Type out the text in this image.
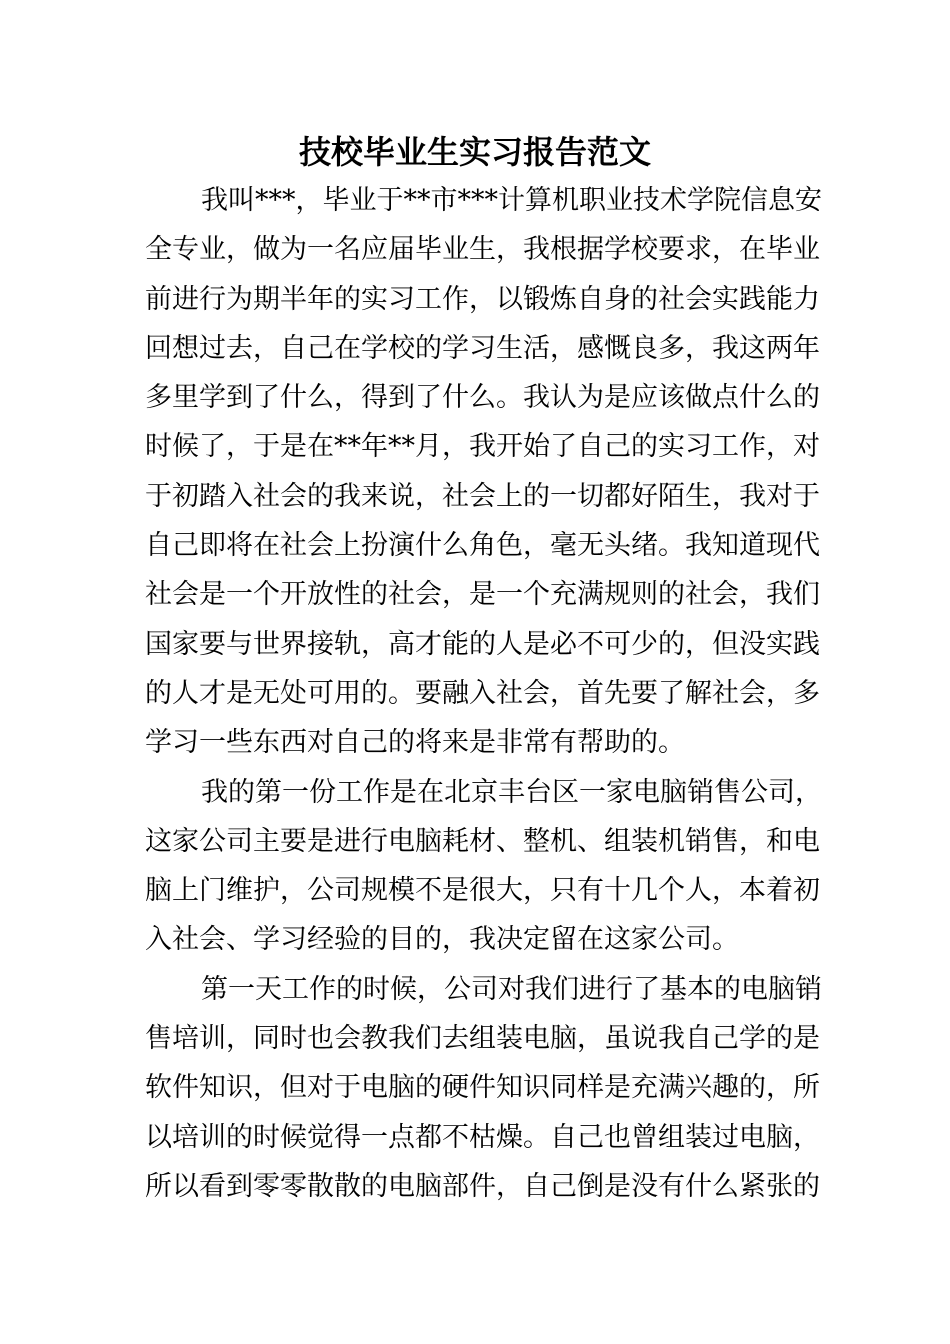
技校毕业生实习报告范文
我叫***，毕业于**市***计算机职业技术学院信息安
全专业，做为一名应届毕业生，我根据学校要求，在毕业
前进行为期半年的实习工作，以锻炼自身的社会实践能力
回想过去，自己在学校的学习生活，感慨良多，我这两年
多里学到了什么，得到了什么。我认为是应该做点什么的
时候了，于是在**年**月，我开始了自己的实习工作，对
于初踏入社会的我来说，社会上的一切都好陌生，我对于
自己即将在社会上扮演什么角色，毫无头绪。我知道现代
社会是一个开放性的社会，是一个充满规则的社会，我们
国家要与世界接轨，高才能的人是必不可少的，但没实践
的人才是无处可用的。要融入社会，首先要了解社会，多
学习一些东西对自己的将来是非常有帮助的。
我的第一份工作是在北京丰台区一家电脑销售公司，
这家公司主要是进行电脑耗材、整机、组装机销售，和电
脑上门维护，公司规模不是很大，只有十几个人，本着初
入社会、学习经验的目的，我决定留在这家公司。
第一天工作的时候，公司对我们进行了基本的电脑销
售培训，同时也会教我们去组装电脑，虽说我自己学的是
软件知识，但对于电脑的硬件知识同样是充满兴趣的，所
以培训的时候觉得一点都不枯燥。自己也曾组装过电脑，
所以看到零零散散的电脑部件，自己倒是没有什么紧张的
